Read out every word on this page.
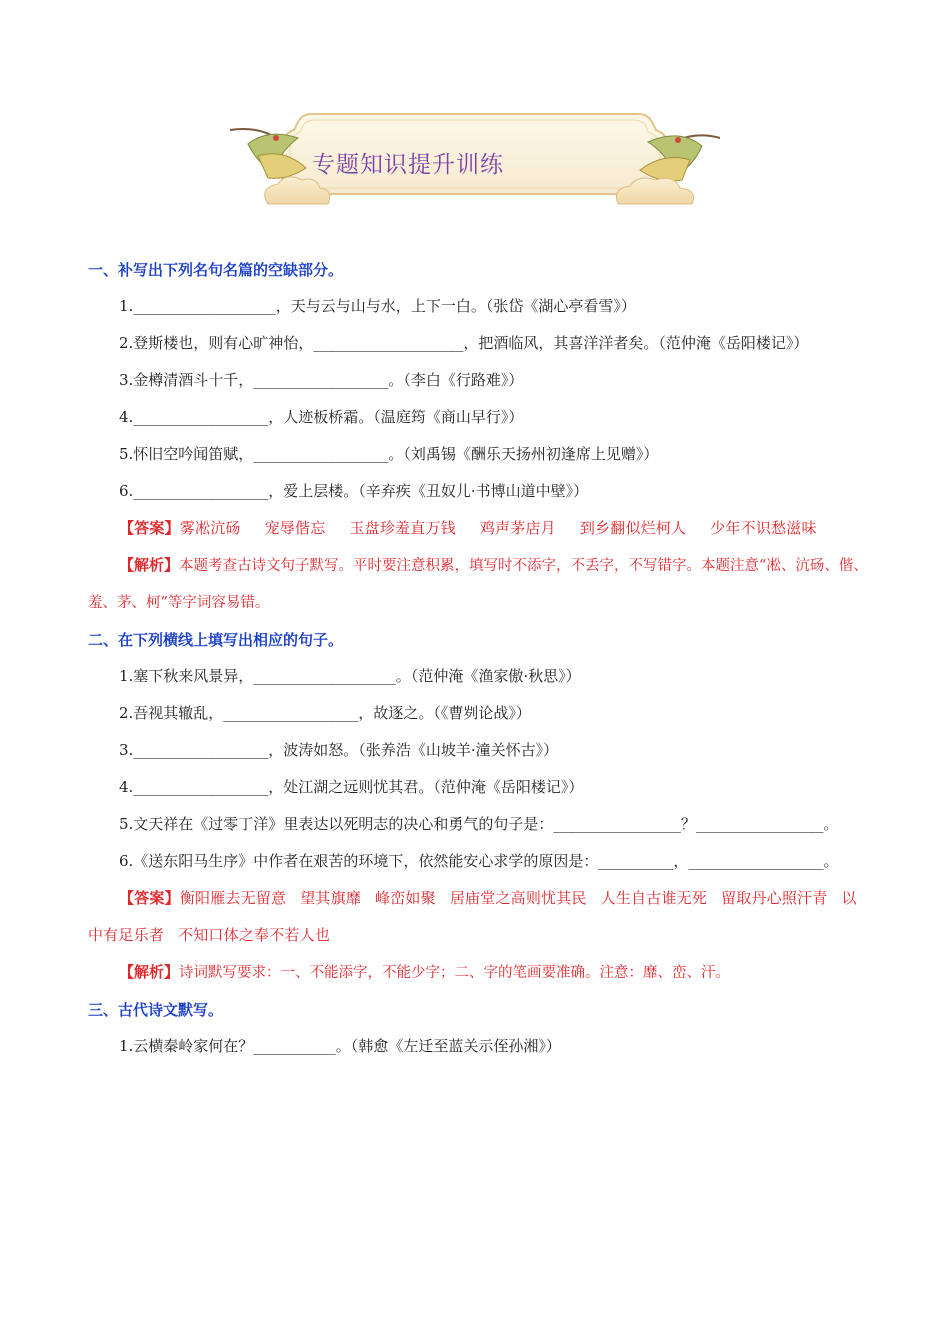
专题知识提升训练
一、补写出下列名句名篇的空缺部分。
1.___________________，天与云与山与水，上下一白。（张岱《湖心亭看雪》）
2.登斯楼也，则有心旷神怡，____________________，把酒临风，其喜洋洋者矣。（范仲淹《岳阳楼记》）
3.金樽清酒斗十千，__________________。（李白《行路难》）
4.__________________，人迹板桥霜。（温庭筠《商山早行》）
5.怀旧空吟闻笛赋，__________________。（刘禹锡《酬乐天扬州初逢席上见赠》）
6.__________________，爱上层楼。（辛弃疾《丑奴儿·书博山道中壁》）
【答案】雾凇沆砀 宠辱偕忘 玉盘珍羞直万钱 鸡声茅店月 到乡翻似烂柯人 少年不识愁滋味
【解析】本题考查古诗文句子默写。平时要注意积累，填写时不添字，不丢字，不写错字。本题注意“凇、沆砀、偕、羞、茅、柯”等字词容易错。
二、在下列横线上填写出相应的句子。
1.塞下秋来风景异，___________________。（范仲淹《渔家傲·秋思》）
2.吾视其辙乱，__________________，故逐之。（《曹刿论战》）
3.__________________，波涛如怒。（张养浩《山坡羊·潼关怀古》）
4.__________________，处江湖之远则忧其君。（范仲淹《岳阳楼记》）
5.文天祥在《过零丁洋》里表达以死明志的决心和勇气的句子是：_________________？_________________。
6.《送东阳马生序》中作者在艰苦的环境下，依然能安心求学的原因是：__________，__________________。
【答案】衡阳雁去无留意 望其旗靡 峰峦如聚 居庙堂之高则忧其民 人生自古谁无死 留取丹心照汗青 以中有足乐者 不知口体之奉不若人也
【解析】诗词默写要求：一、不能添字，不能少字；二、字的笔画要准确。注意：靡、峦、汗。
三、古代诗文默写。
1.云横秦岭家何在？___________。（韩愈《左迁至蓝关示侄孙湘》）
